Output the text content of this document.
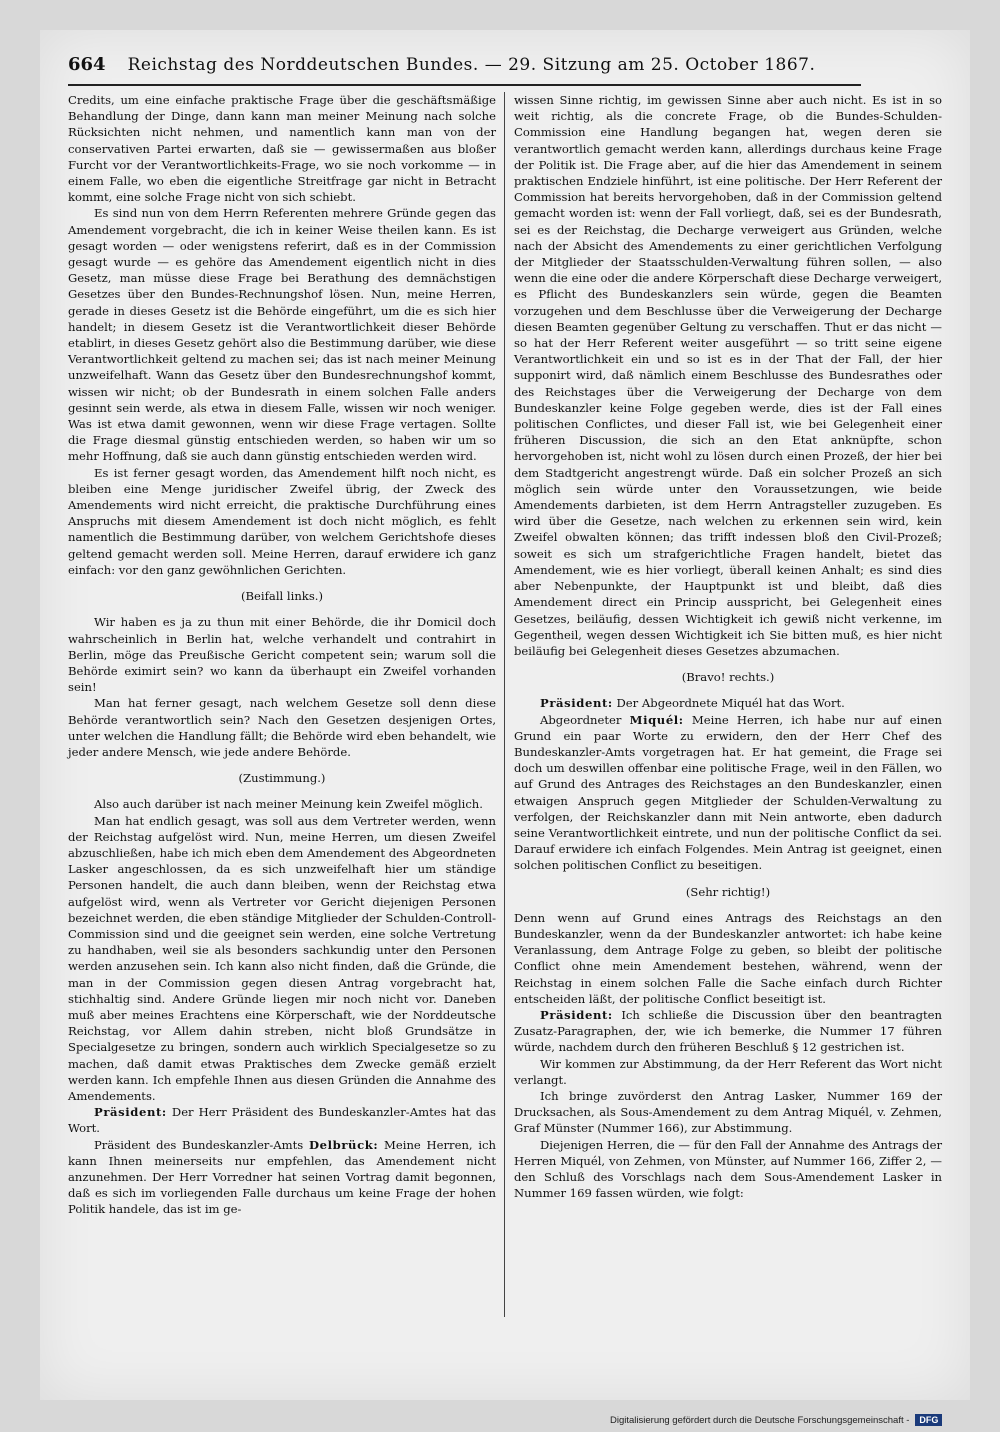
664 Reichstag des Norddeutschen Bundes. — 29. Sitzung am 25. October 1867.

Credits, um eine einfache praktische Frage über die geschäftsmäßige Behandlung der Dinge, dann kann man meiner Meinung nach solche Rücksichten nicht nehmen, und namentlich kann man von der conservativen Partei erwarten, daß sie — gewissermaßen aus bloßer Furcht vor der Verantwortlichkeits-Frage, wo sie noch vorkomme — in einem Falle, wo eben die eigentliche Streitfrage gar nicht in Betracht kommt, eine solche Frage nicht von sich schiebt.

Es sind nun von dem Herrn Referenten mehrere Gründe gegen das Amendement vorgebracht, die ich in keiner Weise theilen kann. Es ist gesagt worden — oder wenigstens referirt, daß es in der Commission gesagt wurde — es gehöre das Amendement eigentlich nicht in dies Gesetz, man müsse diese Frage bei Berathung des demnächstigen Gesetzes über den Bundes-Rechnungshof lösen. Nun, meine Herren, gerade in dieses Gesetz ist die Behörde eingeführt, um die es sich hier handelt; in diesem Gesetz ist die Verantwortlichkeit dieser Behörde etablirt, in dieses Gesetz gehört also die Bestimmung darüber, wie diese Verantwortlichkeit geltend zu machen sei; das ist nach meiner Meinung unzweifelhaft. Wann das Gesetz über den Bundesrechnungshof kommt, wissen wir nicht; ob der Bundesrath in einem solchen Falle anders gesinnt sein werde, als etwa in diesem Falle, wissen wir noch weniger. Was ist etwa damit gewonnen, wenn wir diese Frage vertagen. Sollte die Frage diesmal günstig entschieden werden, so haben wir um so mehr Hoffnung, daß sie auch dann günstig entschieden werden wird.

Es ist ferner gesagt worden, das Amendement hilft noch nicht, es bleiben eine Menge juridischer Zweifel übrig, der Zweck des Amendements wird nicht erreicht, die praktische Durchführung eines Anspruchs mit diesem Amendement ist doch nicht möglich, es fehlt namentlich die Bestimmung darüber, von welchem Gerichtshofe dieses geltend gemacht werden soll. Meine Herren, darauf erwidere ich ganz einfach: vor den ganz gewöhnlichen Gerichten.

(Beifall links.)

Wir haben es ja zu thun mit einer Behörde, die ihr Domicil doch wahrscheinlich in Berlin hat, welche verhandelt und contrahirt in Berlin, möge das Preußische Gericht competent sein; warum soll die Behörde eximirt sein? wo kann da überhaupt ein Zweifel vorhanden sein!

Man hat ferner gesagt, nach welchem Gesetze soll denn diese Behörde verantwortlich sein? Nach den Gesetzen desjenigen Ortes, unter welchen die Handlung fällt; die Behörde wird eben behandelt, wie jeder andere Mensch, wie jede andere Behörde.

(Zustimmung.)

Also auch darüber ist nach meiner Meinung kein Zweifel möglich.

Man hat endlich gesagt, was soll aus dem Vertreter werden, wenn der Reichstag aufgelöst wird. Nun, meine Herren, um diesen Zweifel abzuschließen, habe ich mich eben dem Amendement des Abgeordneten Lasker angeschlossen, da es sich unzweifelhaft hier um ständige Personen handelt, die auch dann bleiben, wenn der Reichstag etwa aufgelöst wird, wenn als Vertreter vor Gericht diejenigen Personen bezeichnet werden, die eben ständige Mitglieder der Schulden-Controll-Commission sind und die geeignet sein werden, eine solche Vertretung zu handhaben, weil sie als besonders sachkundig unter den Personen werden anzusehen sein. Ich kann also nicht finden, daß die Gründe, die man in der Commission gegen diesen Antrag vorgebracht hat, stichhaltig sind. Andere Gründe liegen mir noch nicht vor. Daneben muß aber meines Erachtens eine Körperschaft, wie der Norddeutsche Reichstag, vor Allem dahin streben, nicht bloß Grundsätze in Specialgesetze zu bringen, sondern auch wirklich Specialgesetze so zu machen, daß damit etwas Praktisches dem Zwecke gemäß erzielt werden kann. Ich empfehle Ihnen aus diesen Gründen die Annahme des Amendements.

Präsident: Der Herr Präsident des Bundeskanzler-Amtes hat das Wort.

Präsident des Bundeskanzler-Amts Delbrück: Meine Herren, ich kann Ihnen meinerseits nur empfehlen, das Amendement nicht anzunehmen. Der Herr Vorredner hat seinen Vortrag damit begonnen, daß es sich im vorliegenden Falle durchaus um keine Frage der hohen Politik handele, das ist im ge-

wissen Sinne richtig, im gewissen Sinne aber auch nicht. Es ist in so weit richtig, als die concrete Frage, ob die Bundes-Schulden-Commission eine Handlung begangen hat, wegen deren sie verantwortlich gemacht werden kann, allerdings durchaus keine Frage der Politik ist. Die Frage aber, auf die hier das Amendement in seinem praktischen Endziele hinführt, ist eine politische. Der Herr Referent der Commission hat bereits hervorgehoben, daß in der Commission geltend gemacht worden ist: wenn der Fall vorliegt, daß, sei es der Bundesrath, sei es der Reichstag, die Decharge verweigert aus Gründen, welche nach der Absicht des Amendements zu einer gerichtlichen Verfolgung der Mitglieder der Staatsschulden-Verwaltung führen sollen, — also wenn die eine oder die andere Körperschaft diese Decharge verweigert, es Pflicht des Bundeskanzlers sein würde, gegen die Beamten vorzugehen und dem Beschlusse über die Verweigerung der Decharge diesen Beamten gegenüber Geltung zu verschaffen. Thut er das nicht — so hat der Herr Referent weiter ausgeführt — so tritt seine eigene Verantwortlichkeit ein und so ist es in der That der Fall, der hier supponirt wird, daß nämlich einem Beschlusse des Bundesrathes oder des Reichstages über die Verweigerung der Decharge von dem Bundeskanzler keine Folge gegeben werde, dies ist der Fall eines politischen Conflictes, und dieser Fall ist, wie bei Gelegenheit einer früheren Discussion, die sich an den Etat anknüpfte, schon hervorgehoben ist, nicht wohl zu lösen durch einen Prozeß, der hier bei dem Stadtgericht angestrengt würde. Daß ein solcher Prozeß an sich möglich sein würde unter den Voraussetzungen, wie beide Amendements darbieten, ist dem Herrn Antragsteller zuzugeben. Es wird über die Gesetze, nach welchen zu erkennen sein wird, kein Zweifel obwalten können; das trifft indessen bloß den Civil-Prozeß; soweit es sich um strafgerichtliche Fragen handelt, bietet das Amendement, wie es hier vorliegt, überall keinen Anhalt; es sind dies aber Nebenpunkte, der Hauptpunkt ist und bleibt, daß dies Amendement direct ein Princip ausspricht, bei Gelegenheit eines Gesetzes, beiläufig, dessen Wichtigkeit ich gewiß nicht verkenne, im Gegentheil, wegen dessen Wichtigkeit ich Sie bitten muß, es hier nicht beiläufig bei Gelegenheit dieses Gesetzes abzumachen.

(Bravo! rechts.)

Präsident: Der Abgeordnete Miquél hat das Wort.

Abgeordneter Miquél: Meine Herren, ich habe nur auf einen Grund ein paar Worte zu erwidern, den der Herr Chef des Bundeskanzler-Amts vorgetragen hat. Er hat gemeint, die Frage sei doch um deswillen offenbar eine politische Frage, weil in den Fällen, wo auf Grund des Antrages des Reichstages an den Bundeskanzler, einen etwaigen Anspruch gegen Mitglieder der Schulden-Verwaltung zu verfolgen, der Reichskanzler dann mit Nein antworte, eben dadurch seine Verantwortlichkeit eintrete, und nun der politische Conflict da sei. Darauf erwidere ich einfach Folgendes. Mein Antrag ist geeignet, einen solchen politischen Conflict zu beseitigen.

(Sehr richtig!)

Denn wenn auf Grund eines Antrags des Reichstags an den Bundeskanzler, wenn da der Bundeskanzler antwortet: ich habe keine Veranlassung, dem Antrage Folge zu geben, so bleibt der politische Conflict ohne mein Amendement bestehen, während, wenn der Reichstag in einem solchen Falle die Sache einfach durch Richter entscheiden läßt, der politische Conflict beseitigt ist.

Präsident: Ich schließe die Discussion über den beantragten Zusatz-Paragraphen, der, wie ich bemerke, die Nummer 17 führen würde, nachdem durch den früheren Beschluß § 12 gestrichen ist.

Wir kommen zur Abstimmung, da der Herr Referent das Wort nicht verlangt.

Ich bringe zuvörderst den Antrag Lasker, Nummer 169 der Drucksachen, als Sous-Amendement zu dem Antrag Miquél, v. Zehmen, Graf Münster (Nummer 166), zur Abstimmung.

Diejenigen Herren, die — für den Fall der Annahme des Antrags der Herren Miquél, von Zehmen, von Münster, auf Nummer 166, Ziffer 2, — den Schluß des Vorschlags nach dem Sous-Amendement Lasker in Nummer 169 fassen würden, wie folgt:

Digitalisierung gefördert durch die Deutsche Forschungsgemeinschaft -	DFG
